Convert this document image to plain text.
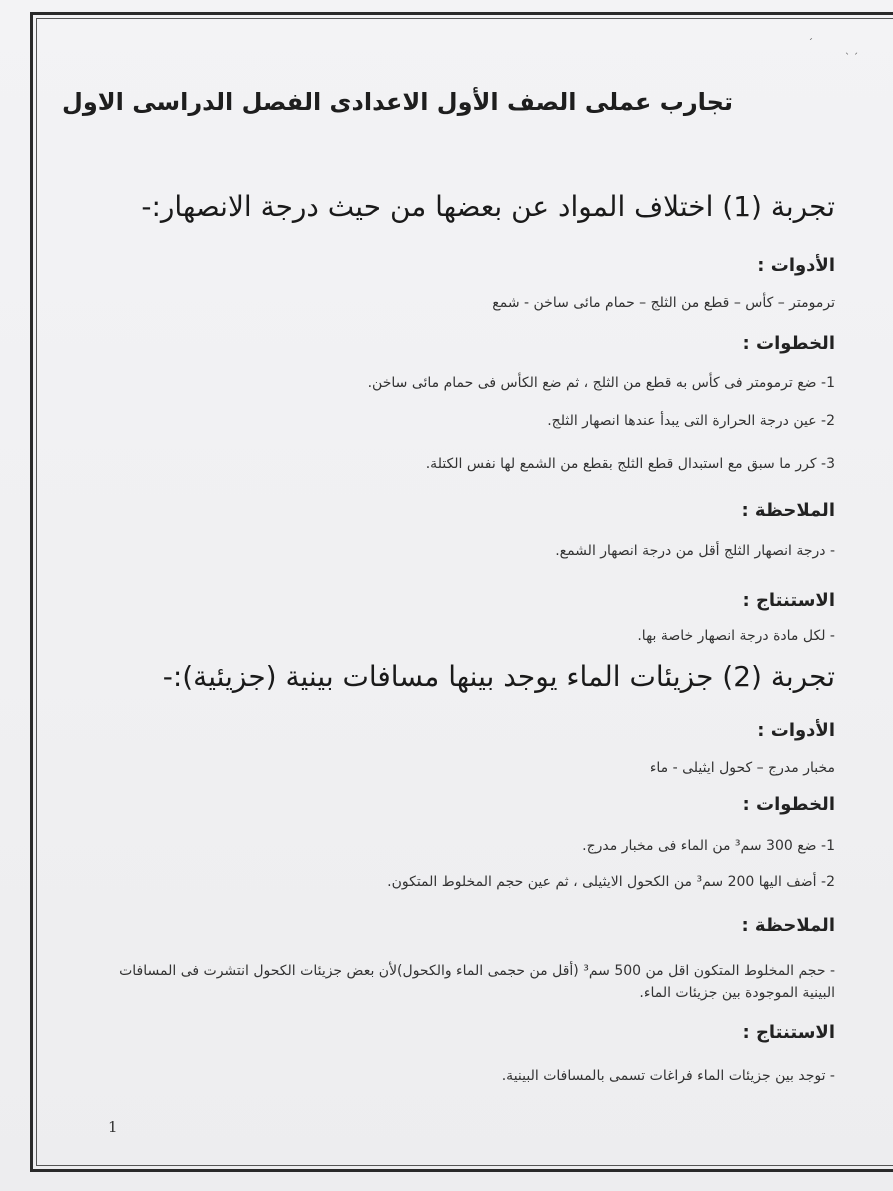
ˊ
ˎ ˏ
تجارب عملى الصف الأول الاعدادى الفصل الدراسى الاول
تجربة (1) اختلاف المواد عن بعضها من حيث درجة الانصهار:-
الأدوات :
ترمومتر – كأس – قطع من الثلج – حمام مائى ساخن - شمع
الخطوات :
1- ضع ترمومتر فى كأس به قطع من الثلج ، ثم ضع الكأس فى حمام مائى ساخن.
2- عين درجة الحرارة التى يبدأ عندها انصهار الثلج.
3- كرر ما سبق مع استبدال قطع الثلج بقطع من الشمع لها نفس الكتلة.
الملاحظة :
- درجة انصهار الثلج أقل من درجة انصهار الشمع.
الاستنتاج :
- لكل مادة درجة انصهار خاصة بها.
تجربة (2) جزيئات الماء يوجد بينها مسافات بينية (جزيئية):-
الأدوات :
مخبار مدرج – كحول ايثيلى - ماء
الخطوات :
1- ضع 300 سم³ من الماء فى مخبار مدرج.
2- أضف اليها 200 سم³ من الكحول الايثيلى ، ثم عين حجم المخلوط المتكون.
الملاحظة :
- حجم المخلوط المتكون اقل من 500 سم³ (أقل من حجمى الماء والكحول)لأن بعض جزيئات الكحول انتشرت فى المسافات البينية الموجودة بين جزيئات الماء.
الاستنتاج :
- توجد بين جزيئات الماء فراغات تسمى بالمسافات البينية.
1
